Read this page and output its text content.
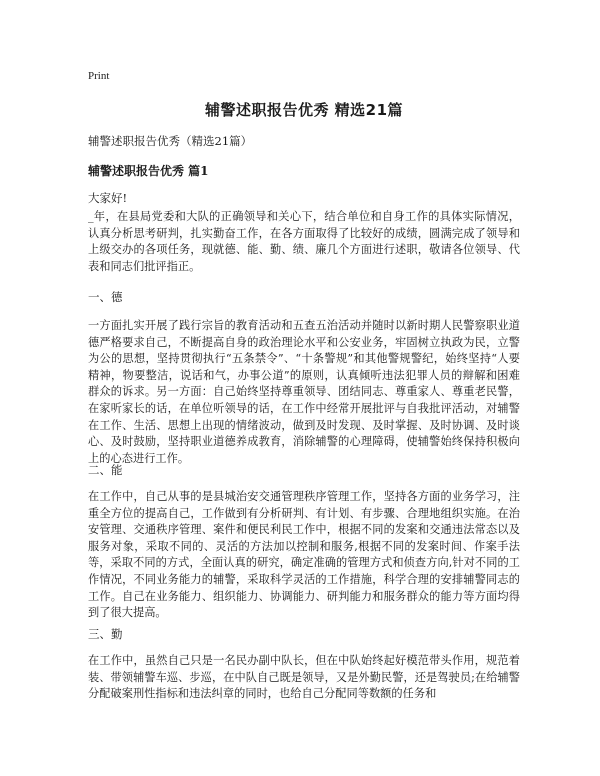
Print
辅警述职报告优秀 精选21篇
辅警述职报告优秀（精选21篇）
辅警述职报告优秀 篇1
大家好!

_年，在县局党委和大队的正确领导和关心下，结合单位和自身工作的具体实际情况，认真分析思考研判，扎实勤奋工作，在各方面取得了比较好的成绩，圆满完成了领导和上级交办的各项任务，现就德、能、勤、绩、廉几个方面进行述职，敬请各位领导、代表和同志们批评指正。

一、德

一方面扎实开展了践行宗旨的教育活动和五查五治活动并随时以新时期人民警察职业道德严格要求自己，不断提高自身的政治理论水平和公安业务，牢固树立执政为民，立警为公的思想，坚持贯彻执行“五条禁令”、“十条警规”和其他警规警纪，始终坚持“人要精神，物要整洁，说话和气，办事公道”的原则，认真倾听违法犯罪人员的辩解和困难群众的诉求。另一方面：自己始终坚持尊重领导、团结同志、尊重家人、尊重老民警，在家听家长的话，在单位听领导的话，在工作中经常开展批评与自我批评活动，对辅警在工作、生活、思想上出现的情绪波动，做到及时发现、及时掌握、及时协调、及时谈心、及时鼓励，坚持职业道德养成教育，消除辅警的心理障碍，使辅警始终保持积极向上的心态进行工作。

二、能

在工作中，自己从事的是县城治安交通管理秩序管理工作，坚持各方面的业务学习，注重全方位的提高自己，工作做到有分析研判、有计划、有步骤、合理地组织实施。在治安管理、交通秩序管理、案件和便民利民工作中，根据不同的发案和交通违法常态以及服务对象，采取不同的、灵活的方法加以控制和服务,根据不同的发案时间、作案手法等，采取不同的方式，全面认真的研究，确定准确的管理方式和侦查方向,针对不同的工作情况，不同业务能力的辅警，采取科学灵活的工作措施，科学合理的安排辅警同志的工作。自己在业务能力、组织能力、协调能力、研判能力和服务群众的能力等方面均得到了很大提高。

三、勤

在工作中，虽然自己只是一名民办副中队长，但在中队始终起好模范带头作用，规范着装、带领辅警车巡、步巡，在中队自己既是领导，又是外勤民警，还是驾驶员;在给辅警分配破案刑性指标和违法纠章的同时，也给自己分配同等数额的任务和
